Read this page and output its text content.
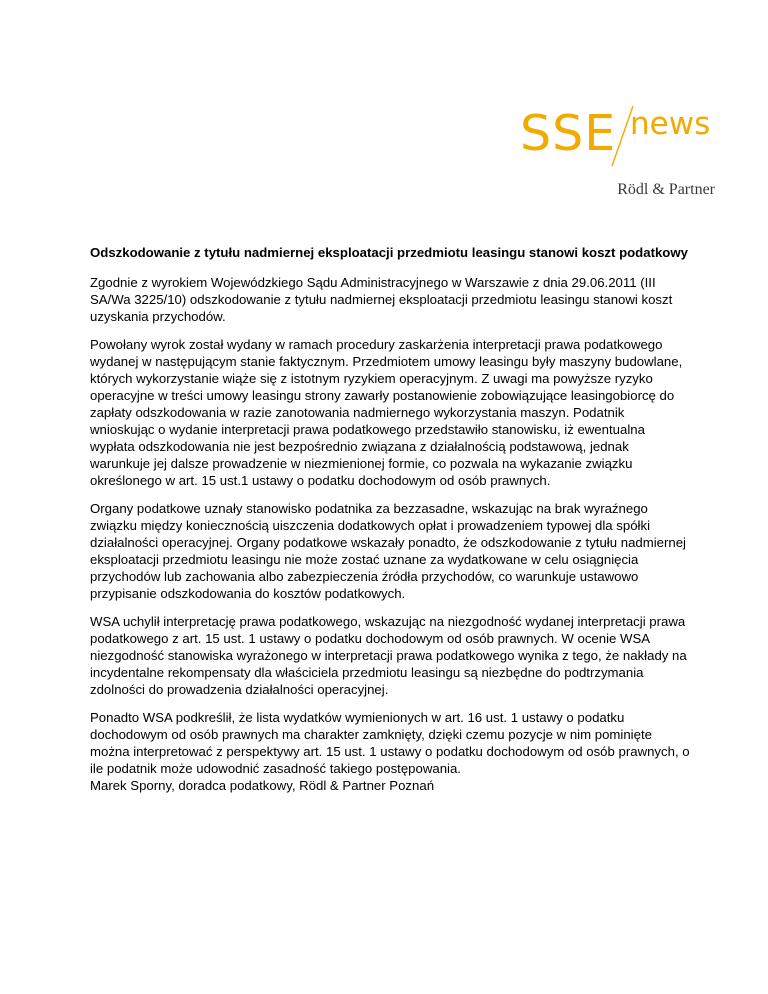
SSE news
Rödl & Partner

Odszkodowanie z tytułu nadmiernej eksploatacji przedmiotu leasingu stanowi koszt podatkowy

Zgodnie z wyrokiem Wojewódzkiego Sądu Administracyjnego w Warszawie z dnia 29.06.2011 (III SA/Wa 3225/10) odszkodowanie z tytułu nadmiernej eksploatacji przedmiotu leasingu stanowi koszt uzyskania przychodów.

Powołany wyrok został wydany w ramach procedury zaskarżenia interpretacji prawa podatkowego wydanej w następującym stanie faktycznym. Przedmiotem umowy leasingu były maszyny budowlane, których wykorzystanie wiąże się z istotnym ryzykiem operacyjnym. Z uwagi ma powyższe ryzyko operacyjne w treści umowy leasingu strony zawarły postanowienie zobowiązujące leasingobiorcę do zapłaty odszkodowania w razie zanotowania nadmiernego wykorzystania maszyn. Podatnik wnioskując o wydanie interpretacji prawa podatkowego przedstawiło stanowisku, iż ewentualna wypłata odszkodowania nie jest bezpośrednio związana z działalnością podstawową, jednak warunkuje jej dalsze prowadzenie w niezmienionej formie, co pozwala na wykazanie związku określonego w art. 15 ust.1 ustawy o podatku dochodowym od osób prawnych.

Organy podatkowe uznały stanowisko podatnika za bezzasadne, wskazując na brak wyraźnego związku między koniecznością uiszczenia dodatkowych opłat i prowadzeniem typowej dla spółki działalności operacyjnej. Organy podatkowe wskazały ponadto, że odszkodowanie z tytułu nadmiernej eksploatacji przedmiotu leasingu nie może zostać uznane za wydatkowane w celu osiągnięcia przychodów lub zachowania albo zabezpieczenia źródła przychodów, co warunkuje ustawowo przypisanie odszkodowania do kosztów podatkowych.

WSA uchylił interpretację prawa podatkowego, wskazując na niezgodność wydanej interpretacji prawa podatkowego z art. 15 ust. 1 ustawy o podatku dochodowym od osób prawnych. W ocenie WSA niezgodność stanowiska wyrażonego w interpretacji prawa podatkowego wynika z tego, że nakłady na incydentalne rekompensaty dla właściciela przedmiotu leasingu są niezbędne do podtrzymania zdolności do prowadzenia działalności operacyjnej.

Ponadto WSA podkreślił, że lista wydatków wymienionych w art. 16 ust. 1 ustawy o podatku dochodowym od osób prawnych ma charakter zamknięty, dzięki czemu pozycje w nim pominięte można interpretować z perspektywy art. 15 ust. 1 ustawy o podatku dochodowym od osób prawnych, o ile podatnik może udowodnić zasadność takiego postępowania.

Marek Sporny, doradca podatkowy, Rödl & Partner Poznań
